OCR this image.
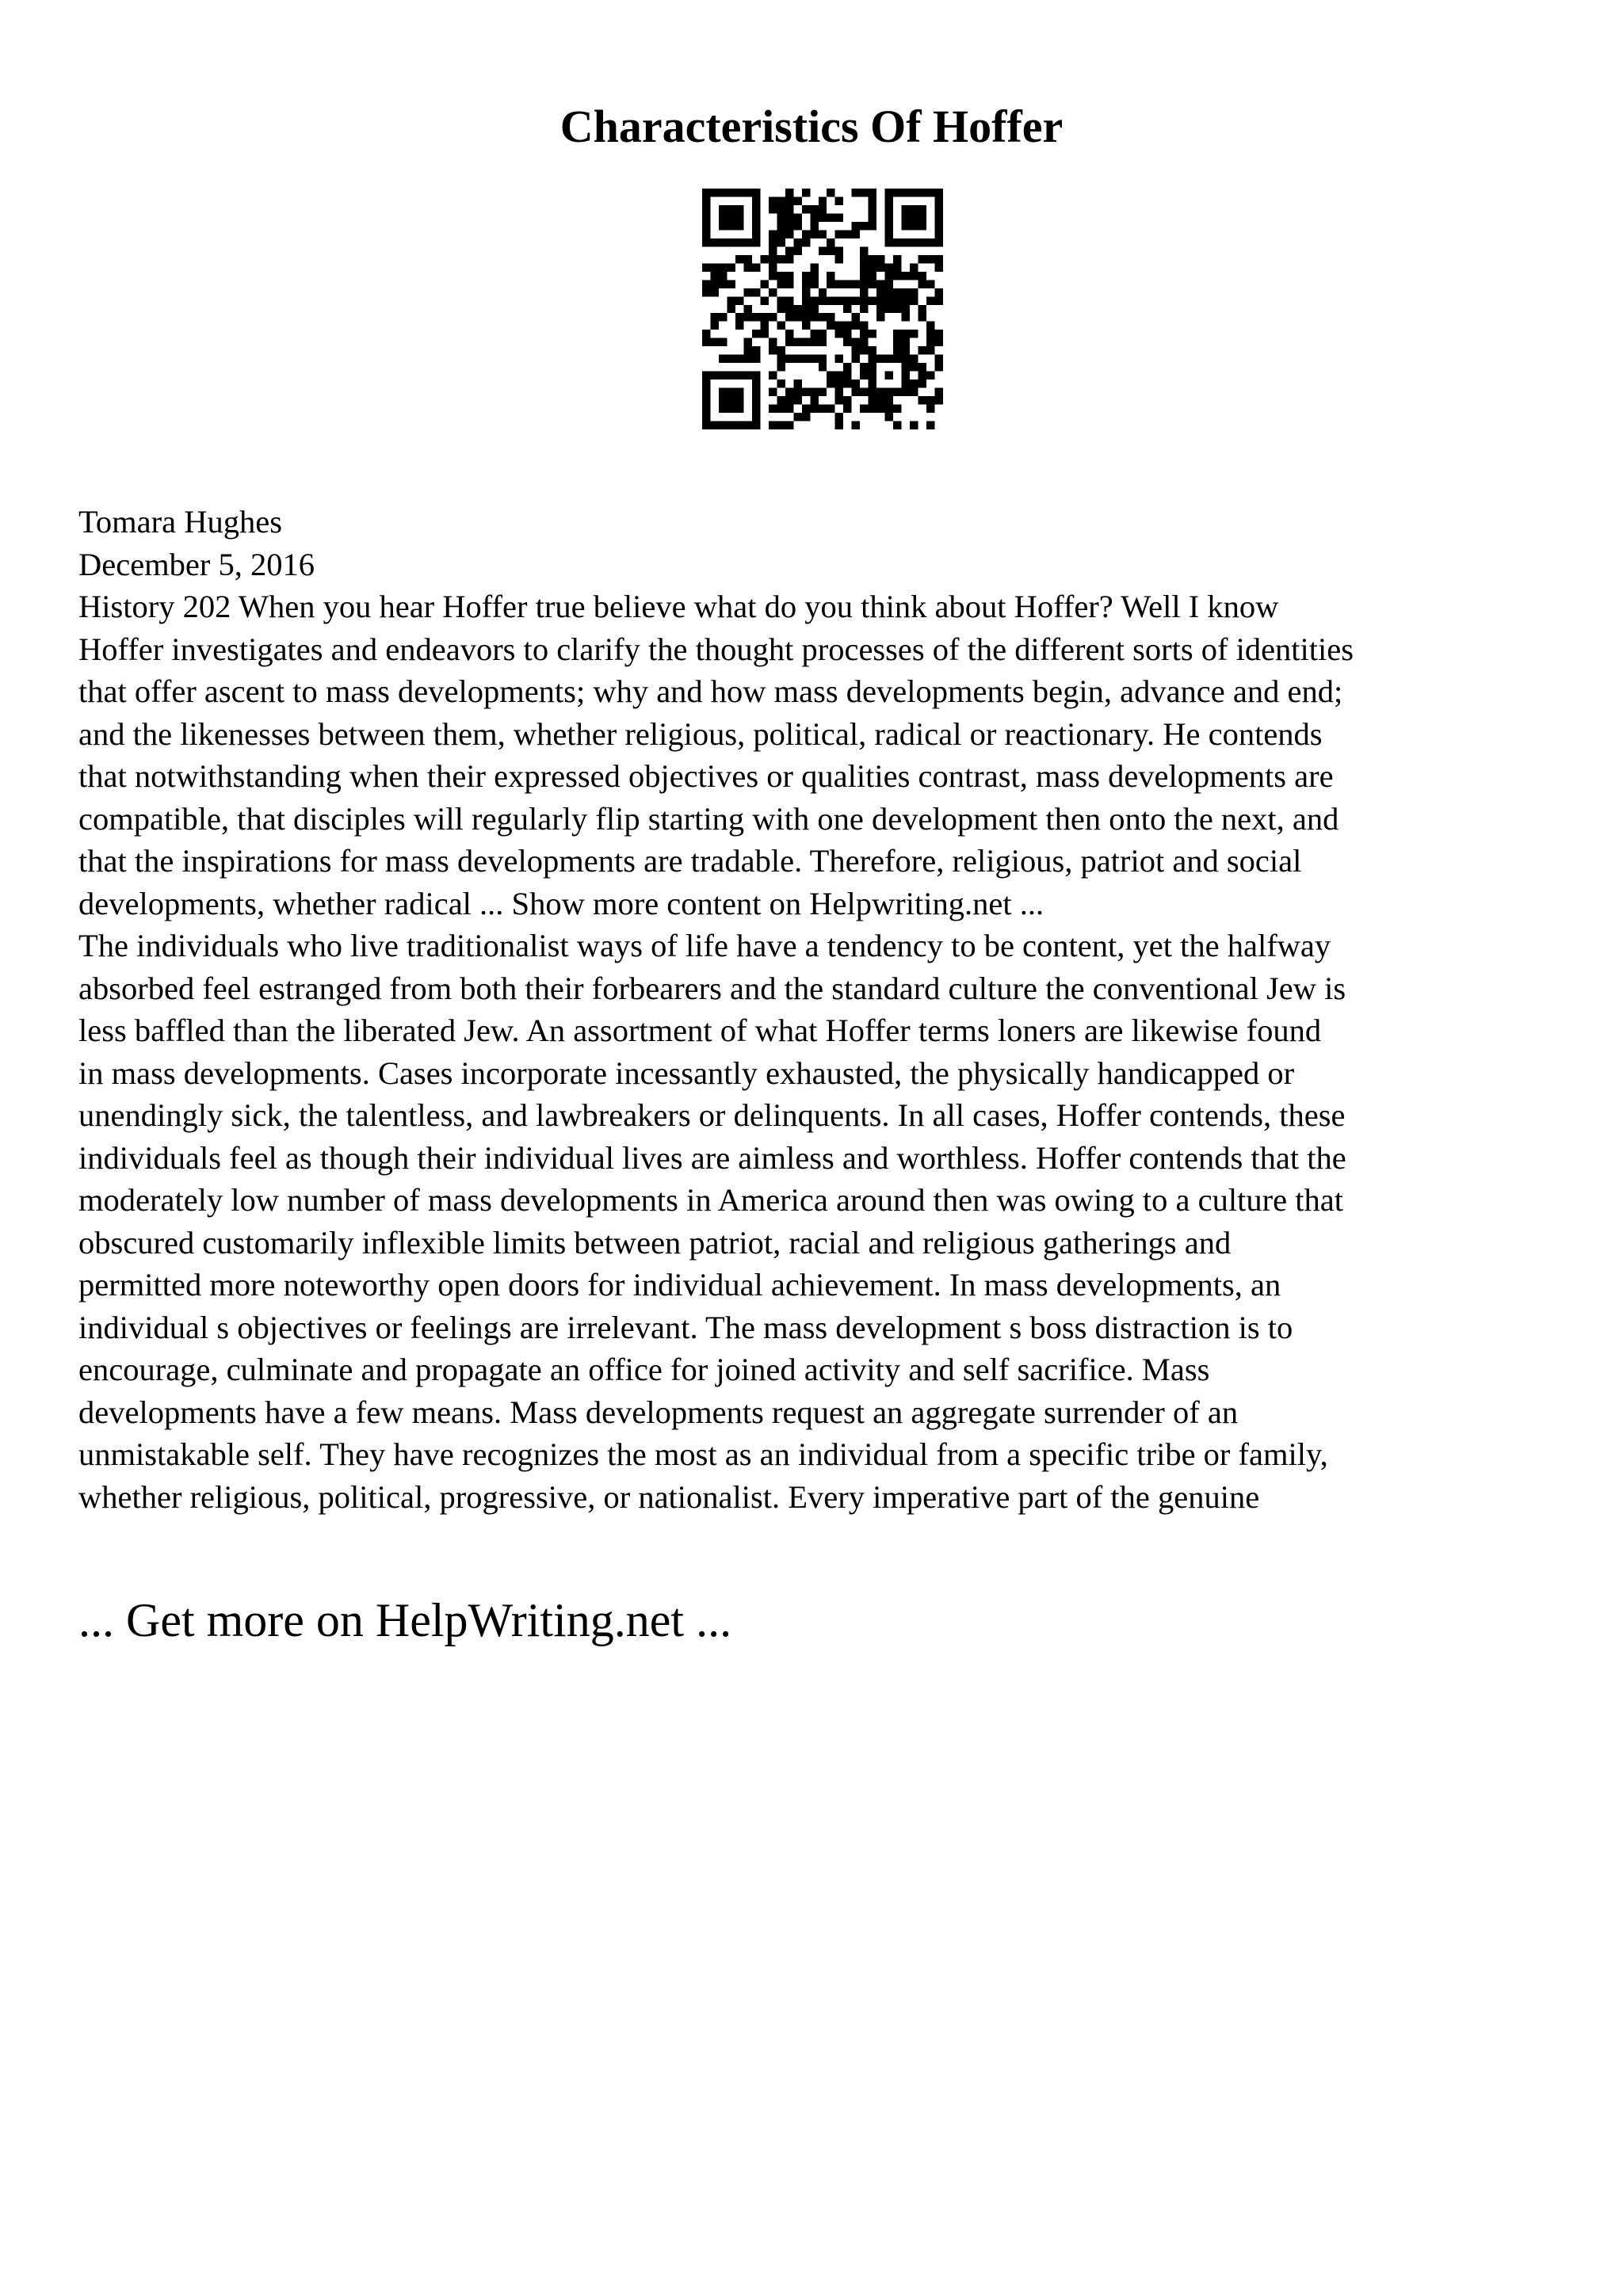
Characteristics Of Hoffer
Tomara Hughes
December 5, 2016
History 202 When you hear Hoffer true believe what do you think about Hoffer? Well I know
Hoffer investigates and endeavors to clarify the thought processes of the different sorts of identities
that offer ascent to mass developments; why and how mass developments begin, advance and end;
and the likenesses between them, whether religious, political, radical or reactionary. He contends
that notwithstanding when their expressed objectives or qualities contrast, mass developments are
compatible, that disciples will regularly flip starting with one development then onto the next, and
that the inspirations for mass developments are tradable. Therefore, religious, patriot and social
developments, whether radical ... Show more content on Helpwriting.net ...
The individuals who live traditionalist ways of life have a tendency to be content, yet the halfway
absorbed feel estranged from both their forbearers and the standard culture the conventional Jew is
less baffled than the liberated Jew. An assortment of what Hoffer terms loners are likewise found
in mass developments. Cases incorporate incessantly exhausted, the physically handicapped or
unendingly sick, the talentless, and lawbreakers or delinquents. In all cases, Hoffer contends, these
individuals feel as though their individual lives are aimless and worthless. Hoffer contends that the
moderately low number of mass developments in America around then was owing to a culture that
obscured customarily inflexible limits between patriot, racial and religious gatherings and
permitted more noteworthy open doors for individual achievement. In mass developments, an
individual s objectives or feelings are irrelevant. The mass development s boss distraction is to
encourage, culminate and propagate an office for joined activity and self sacrifice. Mass
developments have a few means. Mass developments request an aggregate surrender of an
unmistakable self. They have recognizes the most as an individual from a specific tribe or family,
whether religious, political, progressive, or nationalist. Every imperative part of the genuine
... Get more on HelpWriting.net ...
